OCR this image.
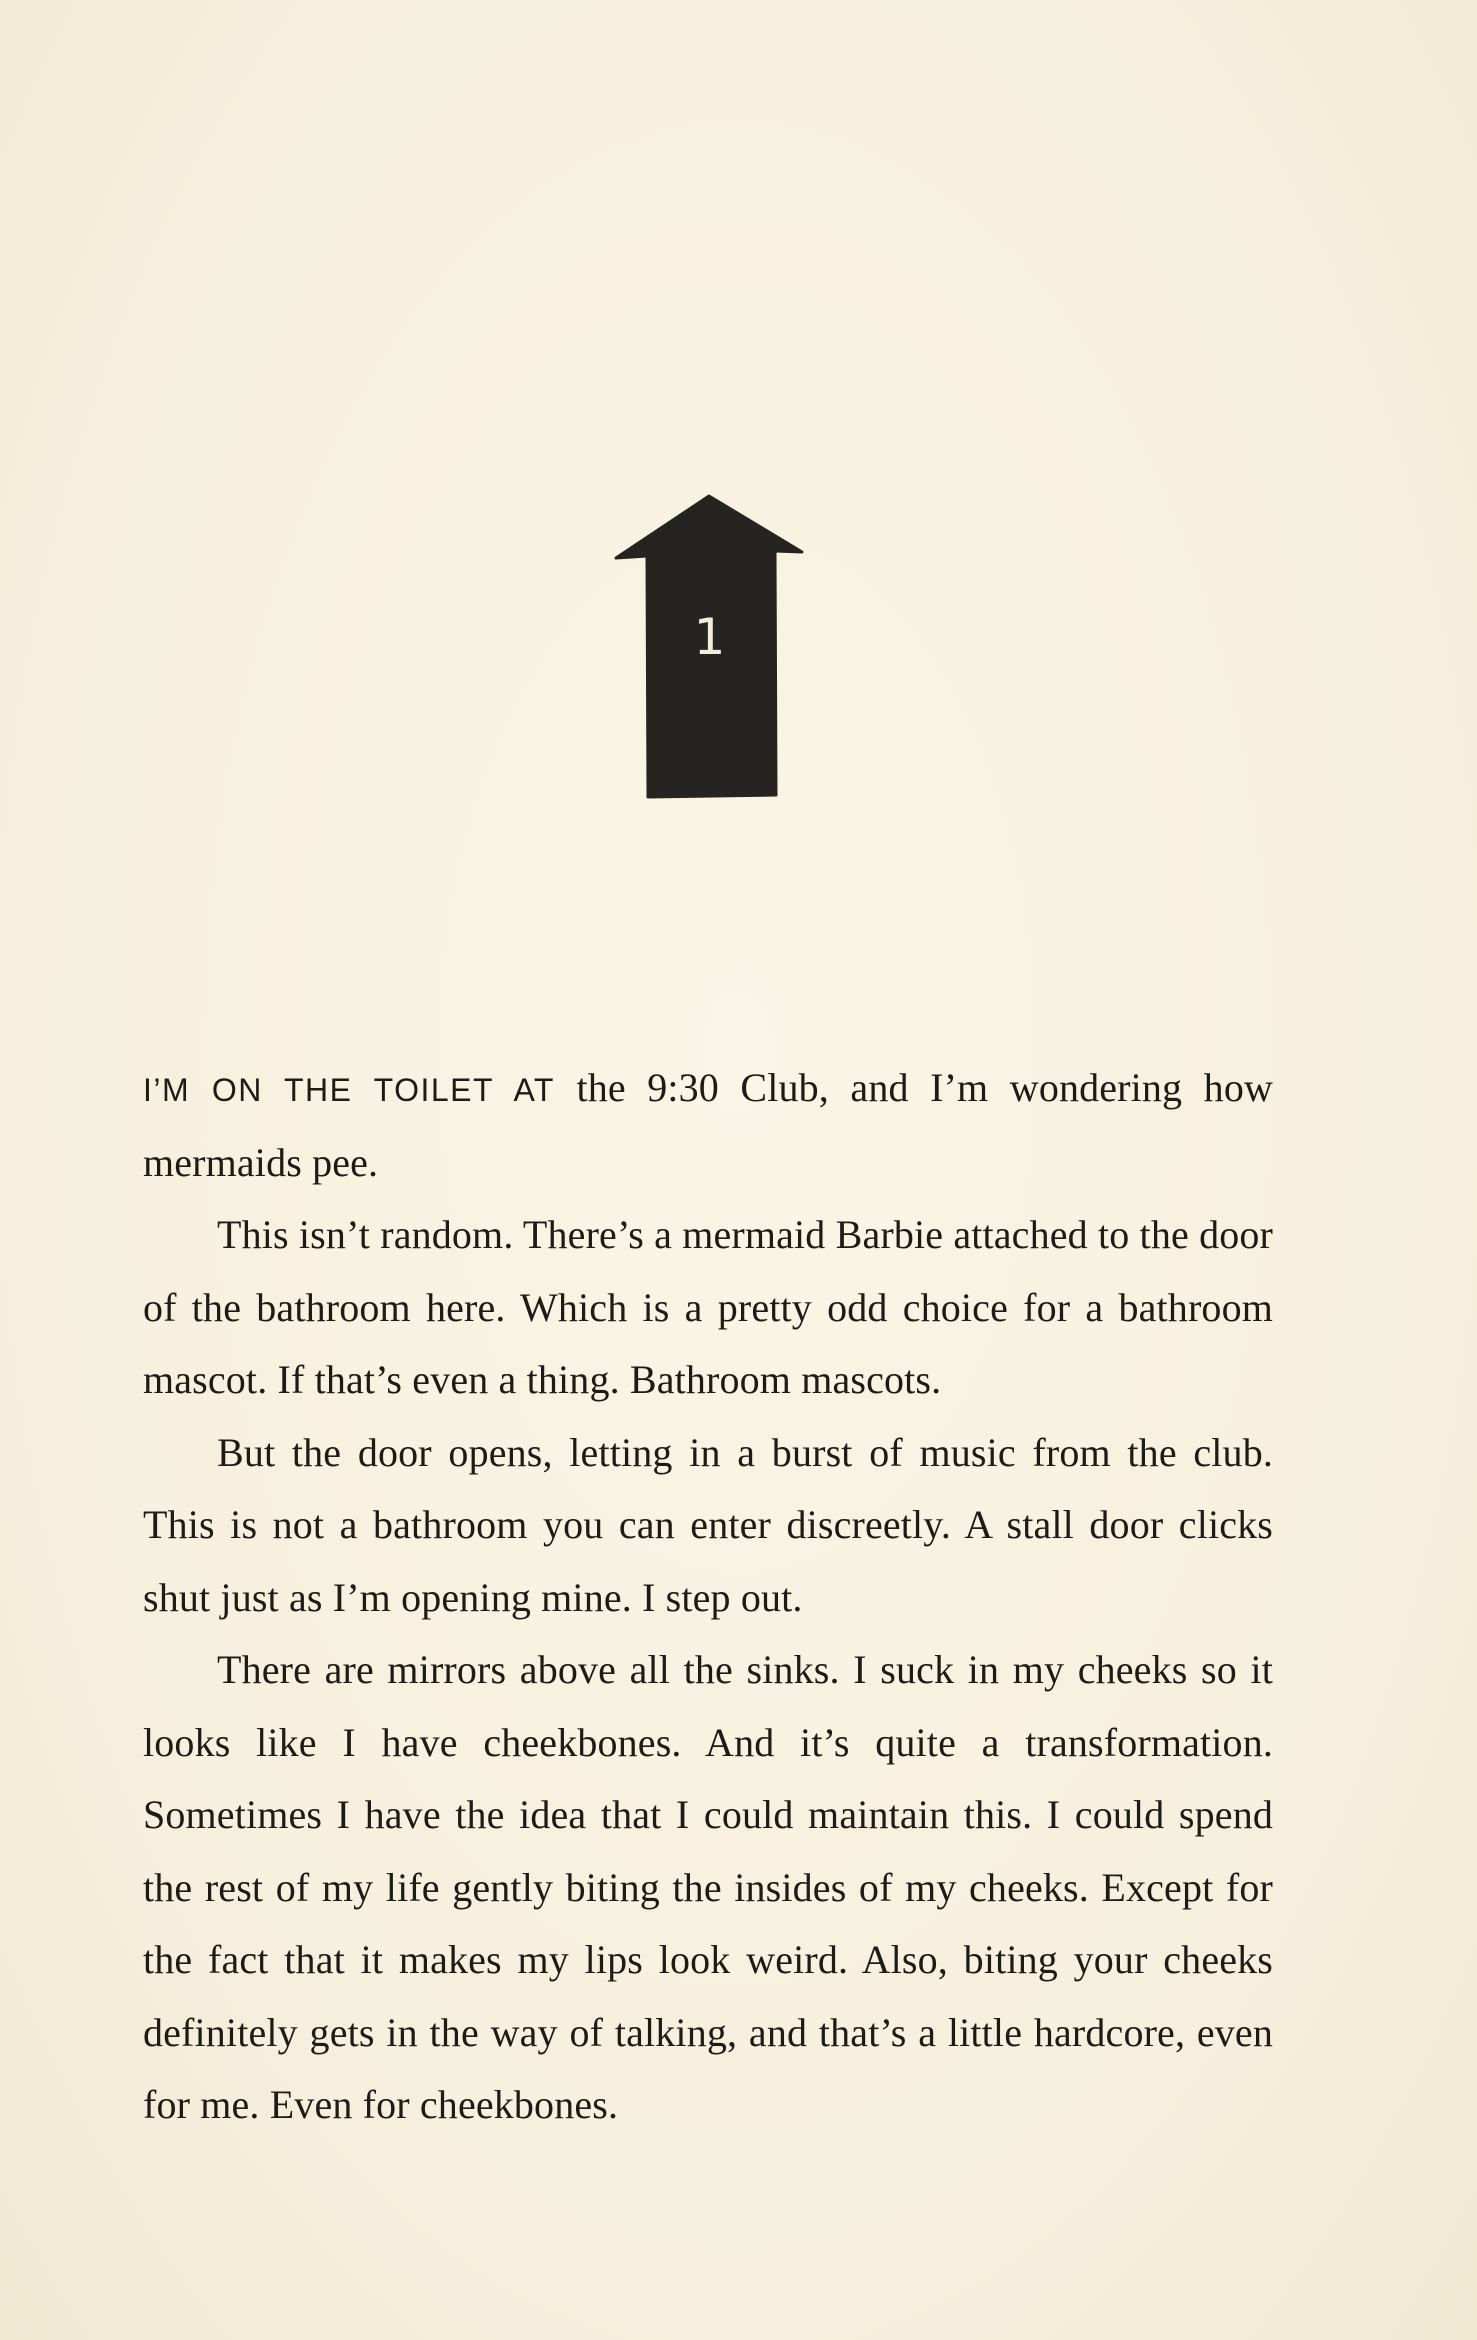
1

I’M ON THE TOILET AT the 9:30 Club, and I’m wondering how mermaids pee.

This isn’t random. There’s a mermaid Barbie attached to the door of the bathroom here. Which is a pretty odd choice for a bathroom mascot. If that’s even a thing. Bathroom mascots.

But the door opens, letting in a burst of music from the club. This is not a bathroom you can enter discreetly. A stall door clicks shut just as I’m opening mine. I step out.

There are mirrors above all the sinks. I suck in my cheeks so it looks like I have cheekbones. And it’s quite a transformation. Sometimes I have the idea that I could maintain this. I could spend the rest of my life gently biting the insides of my cheeks. Except for the fact that it makes my lips look weird. Also, biting your cheeks definitely gets in the way of talking, and that’s a little hardcore, even for me. Even for cheekbones.
